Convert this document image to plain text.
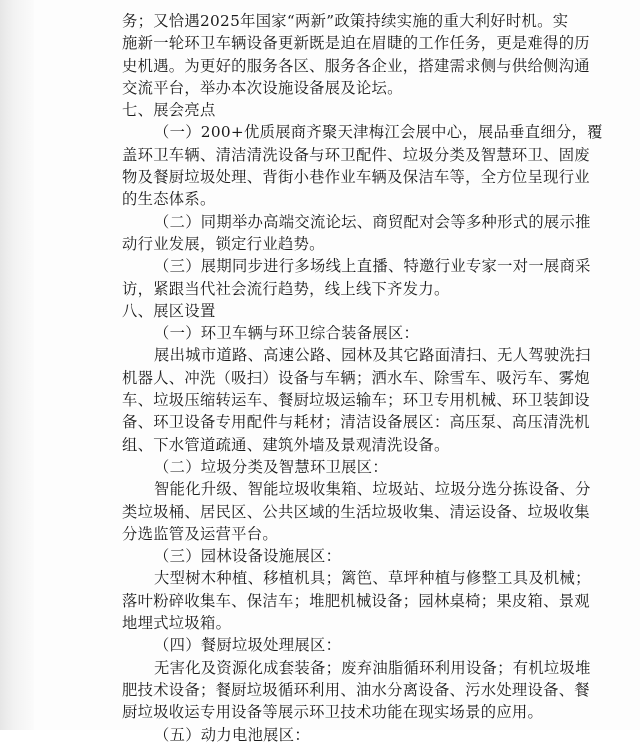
务；又恰遇2025年国家“两新”政策持续实施的重大利好时机。实
施新一轮环卫车辆设备更新既是迫在眉睫的工作任务，更是难得的历
史机遇。为更好的服务各区、服务各企业，搭建需求侧与供给侧沟通
交流平台，举办本次设施设备展及论坛。
七、展会亮点
（一）200+优质展商齐聚天津梅江会展中心，展品垂直细分，覆
盖环卫车辆、清洁清洗设备与环卫配件、垃圾分类及智慧环卫、固废
物及餐厨垃圾处理、背街小巷作业车辆及保洁车等，全方位呈现行业
的生态体系。
（二）同期举办高端交流论坛、商贸配对会等多种形式的展示推
动行业发展，锁定行业趋势。
（三）展期同步进行多场线上直播、特邀行业专家一对一展商采
访，紧跟当代社会流行趋势，线上线下齐发力。
八、展区设置
（一）环卫车辆与环卫综合装备展区：
展出城市道路、高速公路、园林及其它路面清扫、无人驾驶洗扫
机器人、冲洗（吸扫）设备与车辆；洒水车、除雪车、吸污车、雾炮
车、垃圾压缩转运车、餐厨垃圾运输车；环卫专用机械、环卫装卸设
备、环卫设备专用配件与耗材；清洁设备展区：高压泵、高压清洗机
组、下水管道疏通、建筑外墙及景观清洗设备。
（二）垃圾分类及智慧环卫展区：
智能化升级、智能垃圾收集箱、垃圾站、垃圾分选分拣设备、分
类垃圾桶、居民区、公共区域的生活垃圾收集、清运设备、垃圾收集
分选监管及运营平台。
（三）园林设备设施展区：
大型树木种植、移植机具；篱笆、草坪种植与修整工具及机械；
落叶粉碎收集车、保洁车；堆肥机械设备；园林桌椅；果皮箱、景观
地埋式垃圾箱。
（四）餐厨垃圾处理展区：
无害化及资源化成套装备；废弃油脂循环利用设备；有机垃圾堆
肥技术设备；餐厨垃圾循环利用、油水分离设备、污水处理设备、餐
厨垃圾收运专用设备等展示环卫技术功能在现实场景的应用。
（五）动力电池展区：
